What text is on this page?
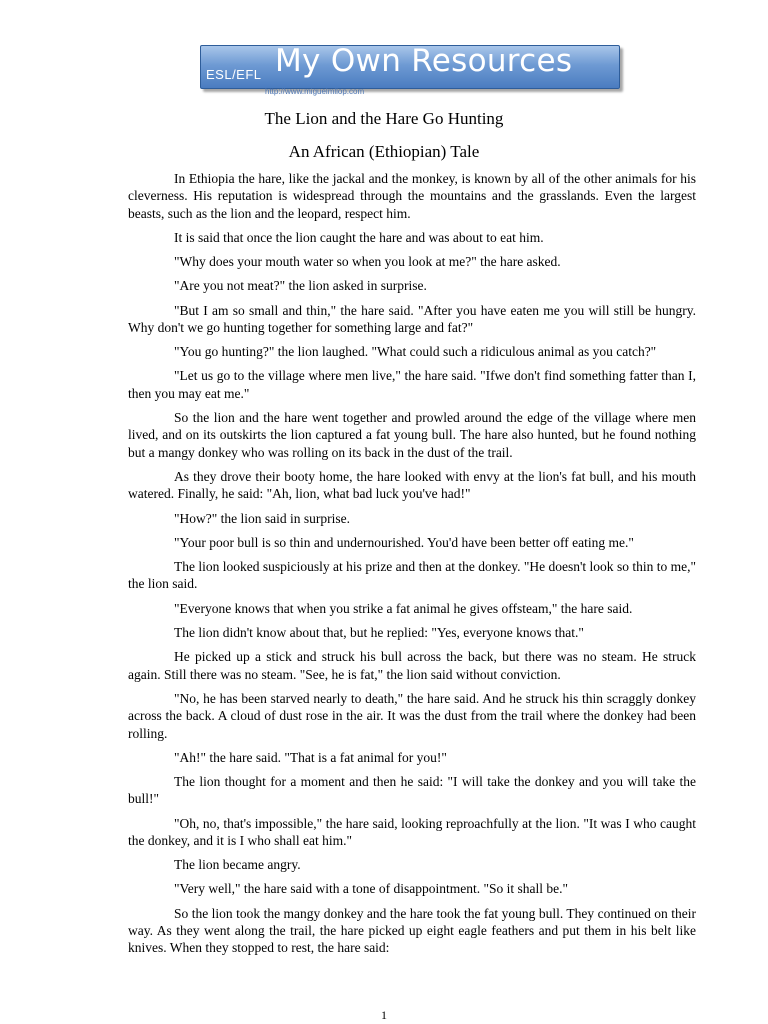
ESL/EFL My Own Resources
http://www.miguelmllop.com
The Lion and the Hare Go Hunting
An African (Ethiopian) Tale

In Ethiopia the hare, like the jackal and the monkey, is known by all of the other animals for his cleverness. His reputation is widespread through the mountains and the grasslands. Even the largest beasts, such as the lion and the leopard, respect him.

It is said that once the lion caught the hare and was about to eat him.

"Why does your mouth water so when you look at me?" the hare asked.

"Are you not meat?" the lion asked in surprise.

"But I am so small and thin," the hare said. "After you have eaten me you will still be hungry. Why don't we go hunting together for something large and fat?"

"You go hunting?" the lion laughed. "What could such a ridiculous animal as you catch?"

"Let us go to the village where men live," the hare said. "Ifwe don't find something fatter than I, then you may eat me."

So the lion and the hare went together and prowled around the edge of the village where men lived, and on its outskirts the lion captured a fat young bull. The hare also hunted, but he found nothing but a mangy donkey who was rolling on its back in the dust of the trail.

As they drove their booty home, the hare looked with envy at the lion's fat bull, and his mouth watered. Finally, he said: "Ah, lion, what bad luck you've had!"

"How?" the lion said in surprise.

"Your poor bull is so thin and undernourished. You'd have been better off eating me."

The lion looked suspiciously at his prize and then at the donkey. "He doesn't look so thin to me," the lion said.

"Everyone knows that when you strike a fat animal he gives offsteam," the hare said.

The lion didn't know about that, but he replied: "Yes, everyone knows that."

He picked up a stick and struck his bull across the back, but there was no steam. He struck again. Still there was no steam. "See, he is fat," the lion said without conviction.

"No, he has been starved nearly to death," the hare said. And he struck his thin scraggly donkey across the back. A cloud of dust rose in the air. It was the dust from the trail where the donkey had been rolling.

"Ah!" the hare said. "That is a fat animal for you!"

The lion thought for a moment and then he said: "I will take the donkey and you will take the bull!"

"Oh, no, that's impossible," the hare said, looking reproachfully at the lion. "It was I who caught the donkey, and it is I who shall eat him."

The lion became angry.

"Very well," the hare said with a tone of disappointment. "So it shall be."

So the lion took the mangy donkey and the hare took the fat young bull. They continued on their way. As they went along the trail, the hare picked up eight eagle feathers and put them in his belt like knives. When they stopped to rest, the hare said:

1
